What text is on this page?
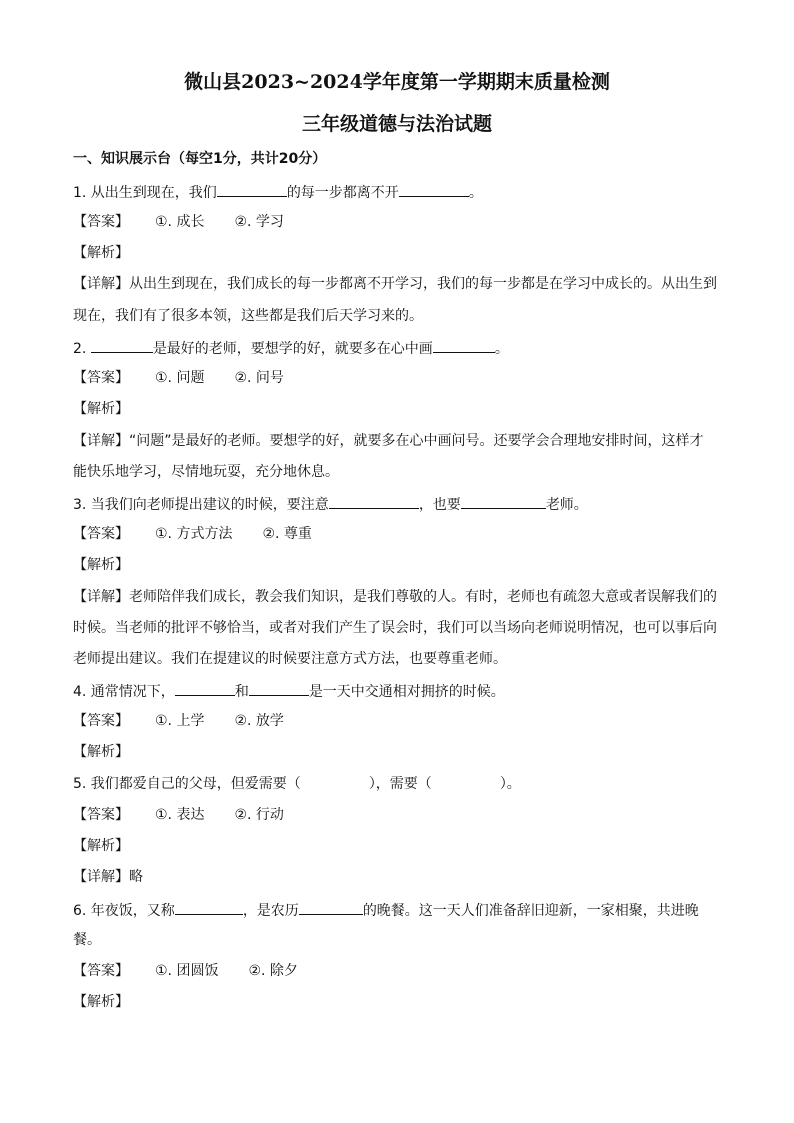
微山县2023~2024学年度第一学期期末质量检测
三年级道德与法治试题
一、知识展示台（每空1分，共计20分）
1. 从出生到现在，我们	的每一步都离不开	。
【答案】 ①. 成长 ②. 学习
【解析】
【详解】从出生到现在，我们成长的每一步都离不开学习，我们的每一步都是在学习中成长的。从出生到
现在，我们有了很多本领，这些都是我们后天学习来的。
2.	是最好的老师，要想学的好，就要多在心中画	。
【答案】 ①. 问题 ②. 问号
【解析】
【详解】“问题”是最好的老师。要想学的好，就要多在心中画问号。还要学会合理地安排时间，这样才
能快乐地学习，尽情地玩耍，充分地休息。
3. 当我们向老师提出建议的时候，要注意	，也要	老师。
【答案】 ①. 方式方法 ②. 尊重
【解析】
【详解】老师陪伴我们成长，教会我们知识，是我们尊敬的人。有时，老师也有疏忽大意或者误解我们的
时候。当老师的批评不够恰当，或者对我们产生了误会时，我们可以当场向老师说明情况，也可以事后向
老师提出建议。我们在提建议的时候要注意方式方法，也要尊重老师。
4. 通常情况下，	和	是一天中交通相对拥挤的时候。
【答案】 ①. 上学 ②. 放学
【解析】
5. 我们都爱自己的父母，但爱需要（	），需要（	）。
【答案】 ①. 表达 ②. 行动
【解析】
【详解】略
6. 年夜饭，又称	，是农历	的晚餐。这一天人们准备辞旧迎新，一家相聚，共进晚
餐。
【答案】 ①. 团圆饭 ②. 除夕
【解析】
